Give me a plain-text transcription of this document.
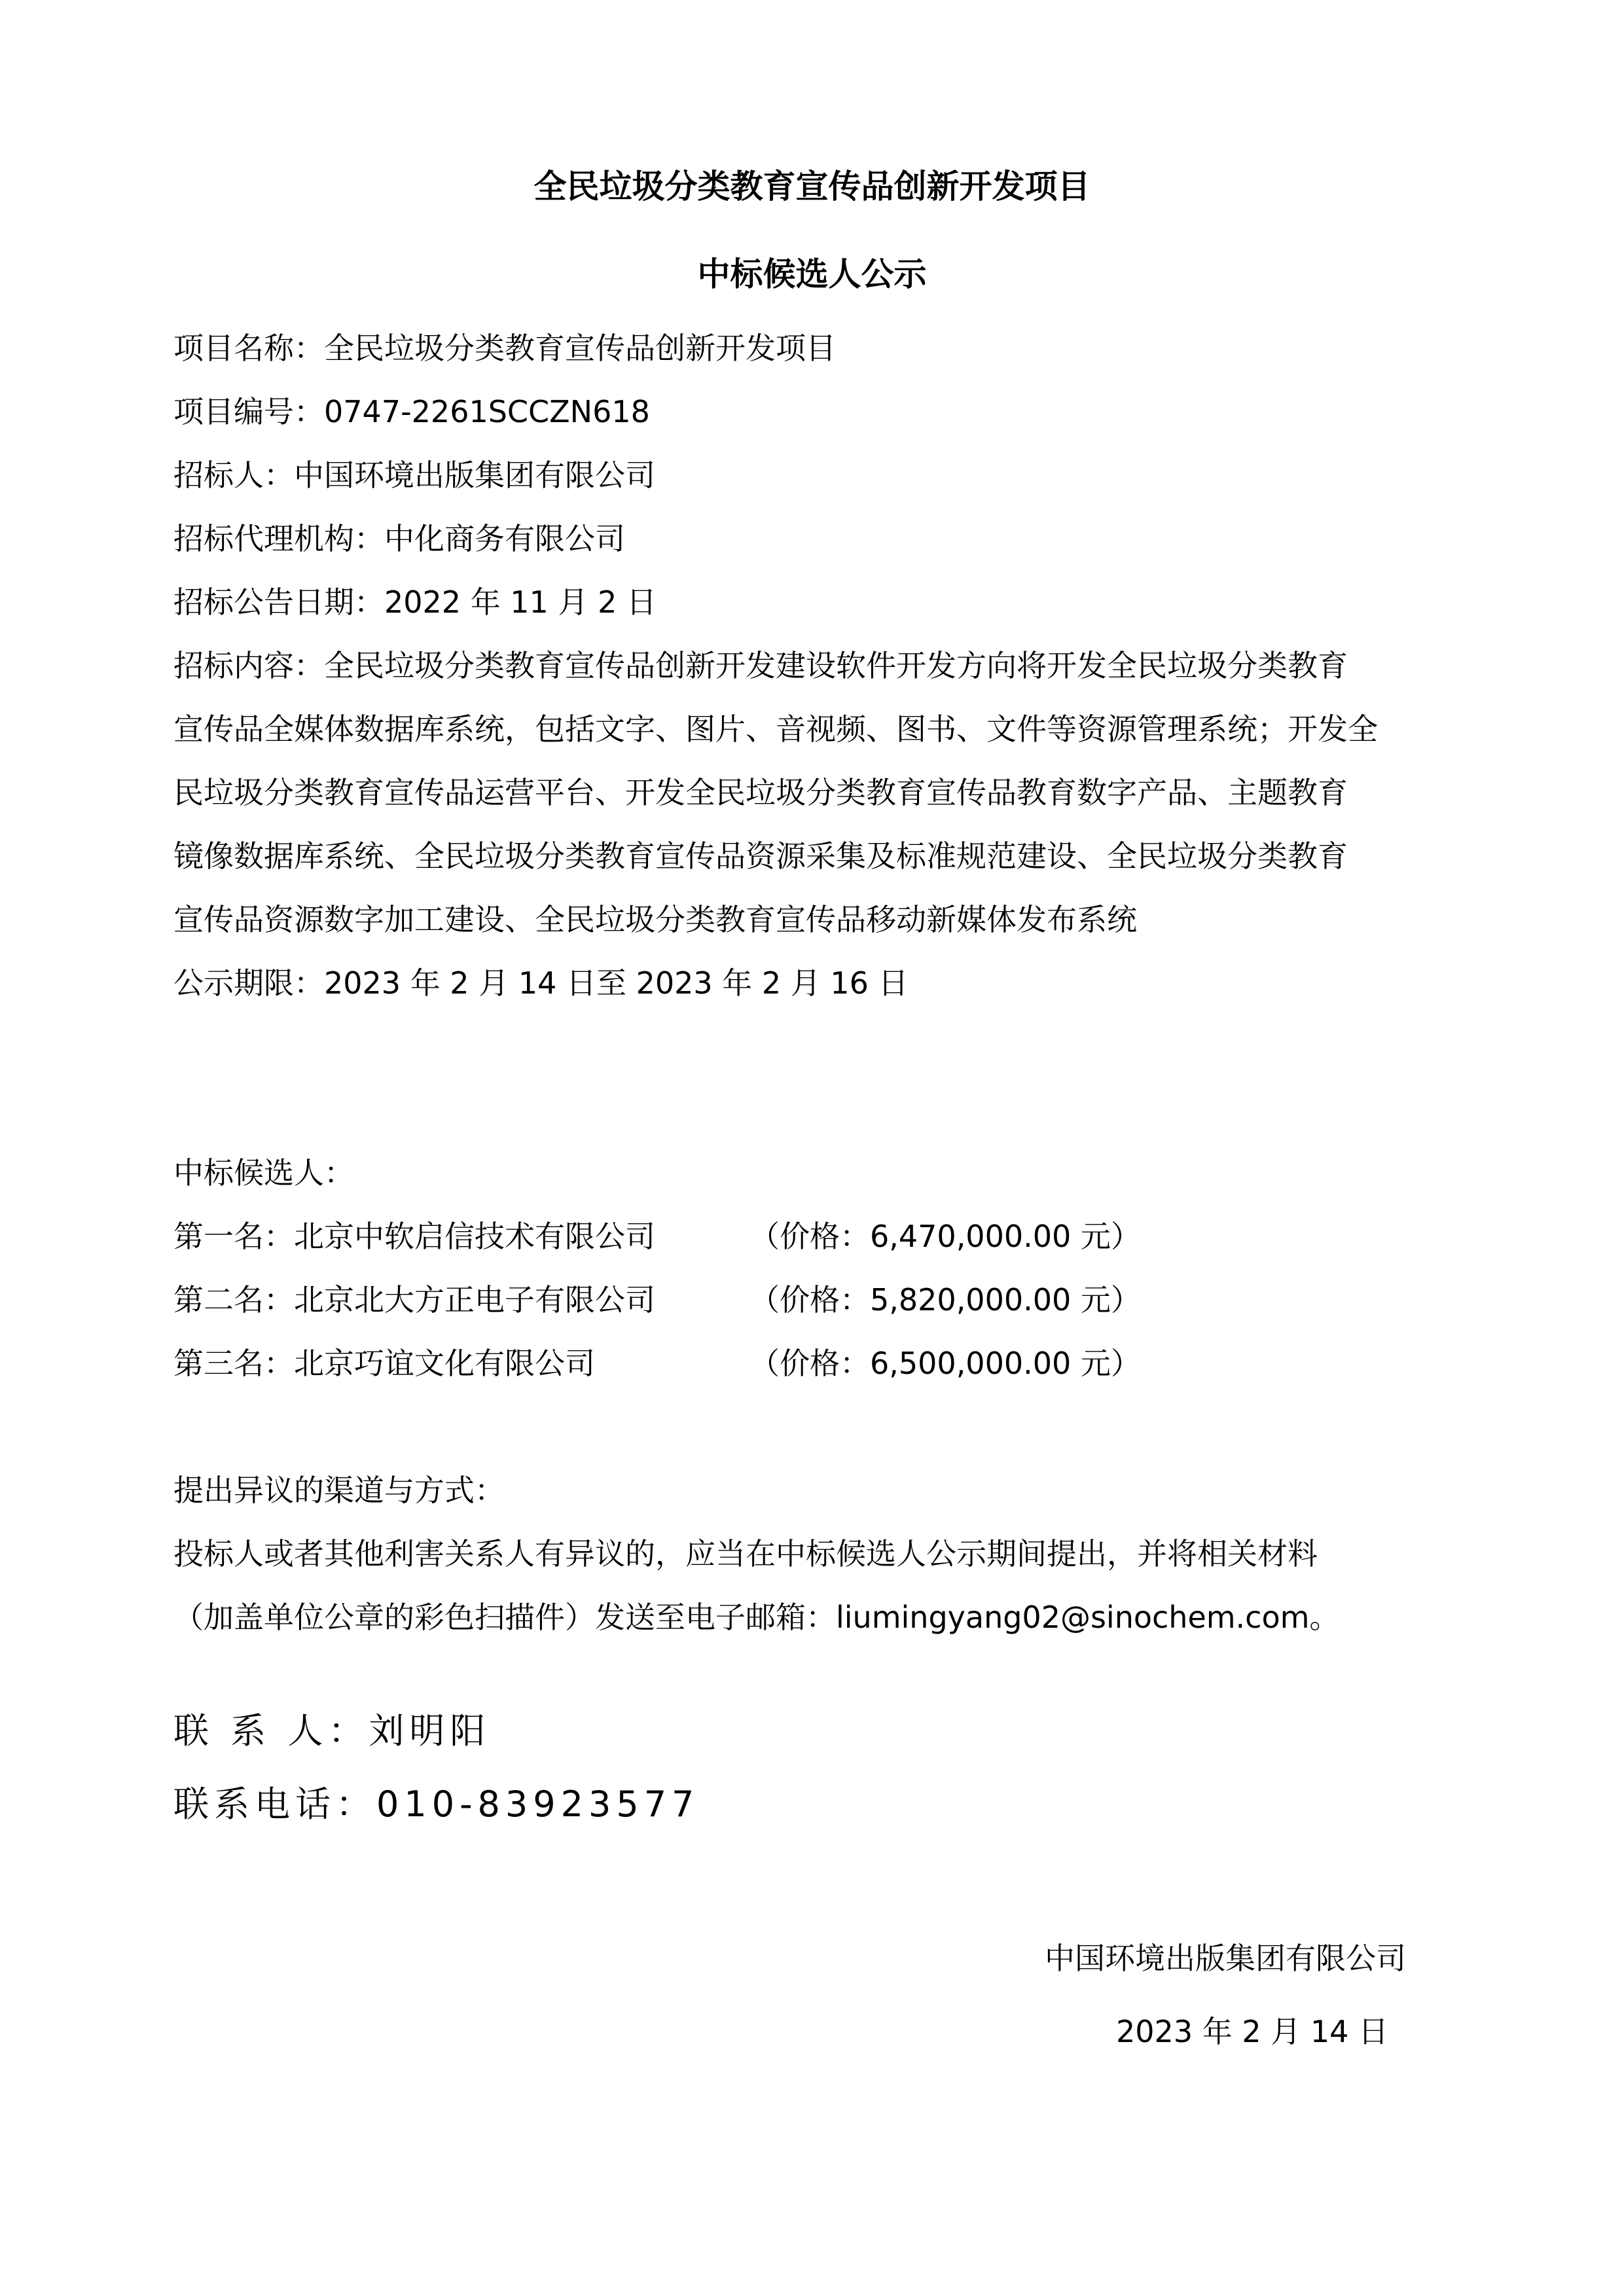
全民垃圾分类教育宣传品创新开发项目
中标候选人公示
项目名称：全民垃圾分类教育宣传品创新开发项目
项目编号：0747-2261SCCZN618
招标人：中国环境出版集团有限公司
招标代理机构：中化商务有限公司
招标公告日期：2022 年 11 月 2 日
招标内容：全民垃圾分类教育宣传品创新开发建设软件开发方向将开发全民垃圾分类教育
宣传品全媒体数据库系统，包括文字、图片、音视频、图书、文件等资源管理系统；开发全
民垃圾分类教育宣传品运营平台、开发全民垃圾分类教育宣传品教育数字产品、主题教育
镜像数据库系统、全民垃圾分类教育宣传品资源采集及标准规范建设、全民垃圾分类教育
宣传品资源数字加工建设、全民垃圾分类教育宣传品移动新媒体发布系统
公示期限：2023 年 2 月 14 日至 2023 年 2 月 16 日
中标候选人：
第一名：北京中软启信技术有限公司	（价格：6,470,000.00 元）
第二名：北京北大方正电子有限公司	（价格：5,820,000.00 元）
第三名：北京巧谊文化有限公司	（价格：6,500,000.00 元）
提出异议的渠道与方式：
投标人或者其他利害关系人有异议的，应当在中标候选人公示期间提出，并将相关材料
（加盖单位公章的彩色扫描件）发送至电子邮箱：liumingyang02@sinochem.com。
联 系 人：刘明阳
联系电话：010-83923577
中国环境出版集团有限公司
2023 年 2 月 14 日
